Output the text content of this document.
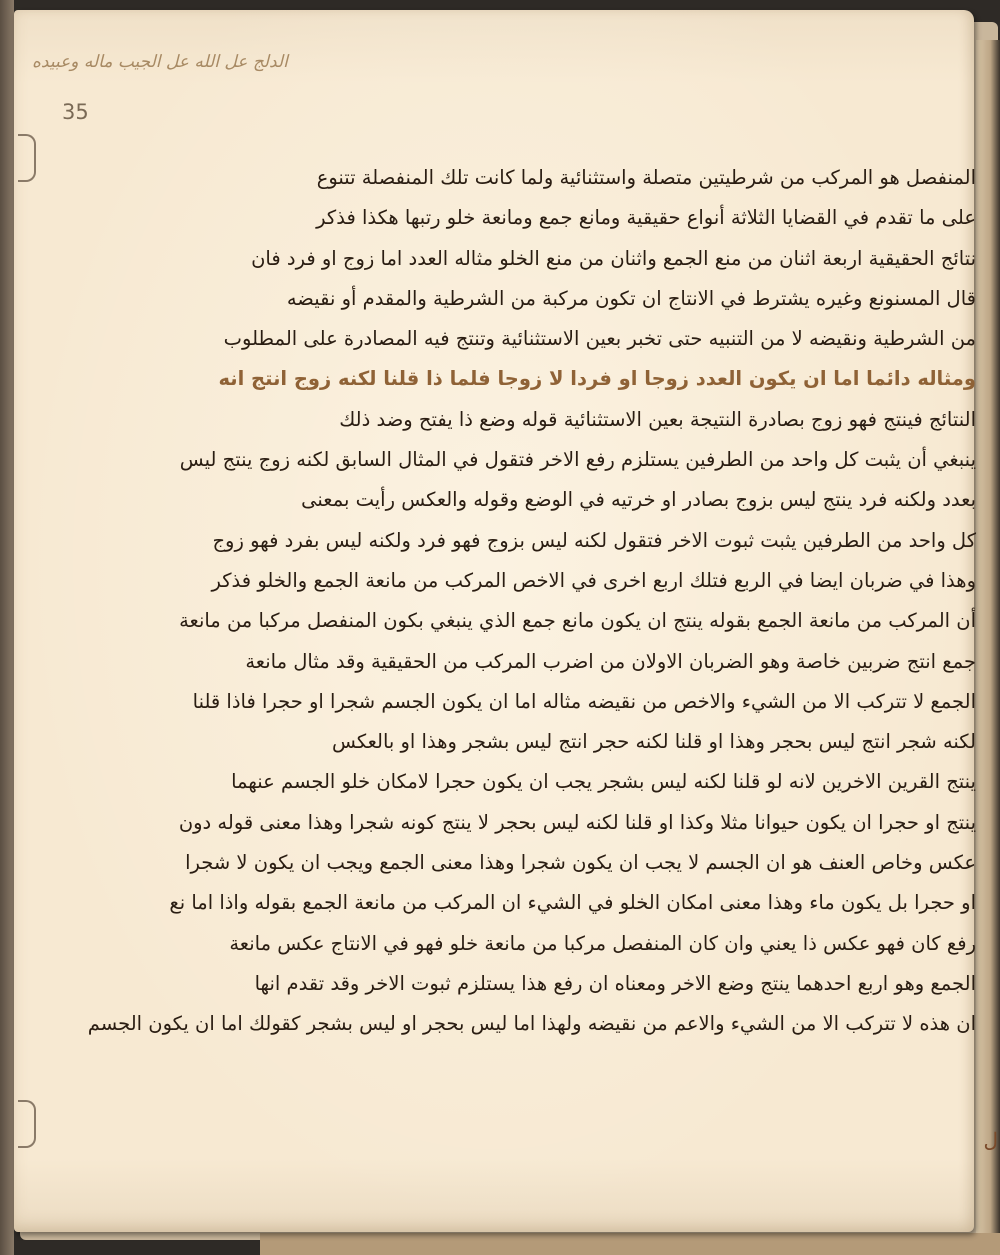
الدلج عل الله عل الجيب ماله وعبيده
35
المنفصل هو المركب من شرطيتين متصلة واستثنائية ولما كانت تلك المنفصلة تتنوع
على ما تقدم في القضايا الثلاثة أنواع حقيقية ومانع جمع ومانعة خلو رتبها هكذا فذكر
نتائج الحقيقية اربعة اثنان من منع الجمع واثنان من منع الخلو مثاله العدد اما زوج او فرد فان
قال المسنونع وغيره يشترط في الانتاج ان تكون مركبة من الشرطية والمقدم أو نقيضه
من الشرطية ونقيضه لا من التنبيه حتى تخبر بعين الاستثنائية وتنتج فيه المصادرة على المطلوب
ومثاله دائما اما ان يكون العدد زوجا او فردا لا زوجا فلما ذا قلنا لكنه زوج انتج انه
النتائج فينتج فهو زوج بصادرة النتيجة بعين الاستثنائية قوله وضع ذا يفتح وضد ذلك
ينبغي أن يثبت كل واحد من الطرفين يستلزم رفع الاخر فتقول في المثال السابق لكنه زوج ينتج ليس
بعدد ولكنه فرد ينتج ليس بزوج بصادر او خرتيه في الوضع وقوله والعكس رأيت بمعنى
كل واحد من الطرفين يثبت ثبوت الاخر فتقول لكنه ليس بزوج فهو فرد ولكنه ليس بفرد فهو زوج
وهذا في ضربان ايضا في الربع فتلك اربع اخرى في الاخص المركب من مانعة الجمع والخلو فذكر
أن المركب من مانعة الجمع بقوله ينتج ان يكون مانع جمع الذي ينبغي بكون المنفصل مركبا من مانعة
جمع انتج ضربين خاصة وهو الضربان الاولان من اضرب المركب من الحقيقية وقد مثال مانعة
الجمع لا تتركب الا من الشيء والاخص من نقيضه مثاله اما ان يكون الجسم شجرا او حجرا فاذا قلنا
لكنه شجر انتج ليس بحجر وهذا او قلنا لكنه حجر انتج ليس بشجر وهذا او بالعكس
ينتج القرين الاخرين لانه لو قلنا لكنه ليس بشجر يجب ان يكون حجرا لامكان خلو الجسم عنهما
ينتج او حجرا ان يكون حيوانا مثلا وكذا او قلنا لكنه ليس بحجر لا ينتج كونه شجرا وهذا معنى قوله دون
عكس وخاص العنف هو ان الجسم لا يجب ان يكون شجرا وهذا معنى الجمع ويجب ان يكون لا شجرا
او حجرا بل يكون ماء وهذا معنى امكان الخلو في الشيء ان المركب من مانعة الجمع بقوله واذا اما نع
رفع كان فهو عكس ذا يعني وان كان المنفصل مركبا من مانعة خلو فهو في الانتاج عكس مانعة
الجمع وهو اربع احدهما ينتج وضع الاخر ومعناه ان رفع هذا يستلزم ثبوت الاخر وقد تقدم انها
ان هذه لا تتركب الا من الشيء والاعم من نقيضه ولهذا اما ليس بحجر او ليس بشجر كقولك اما ان يكون الجسم
ل
